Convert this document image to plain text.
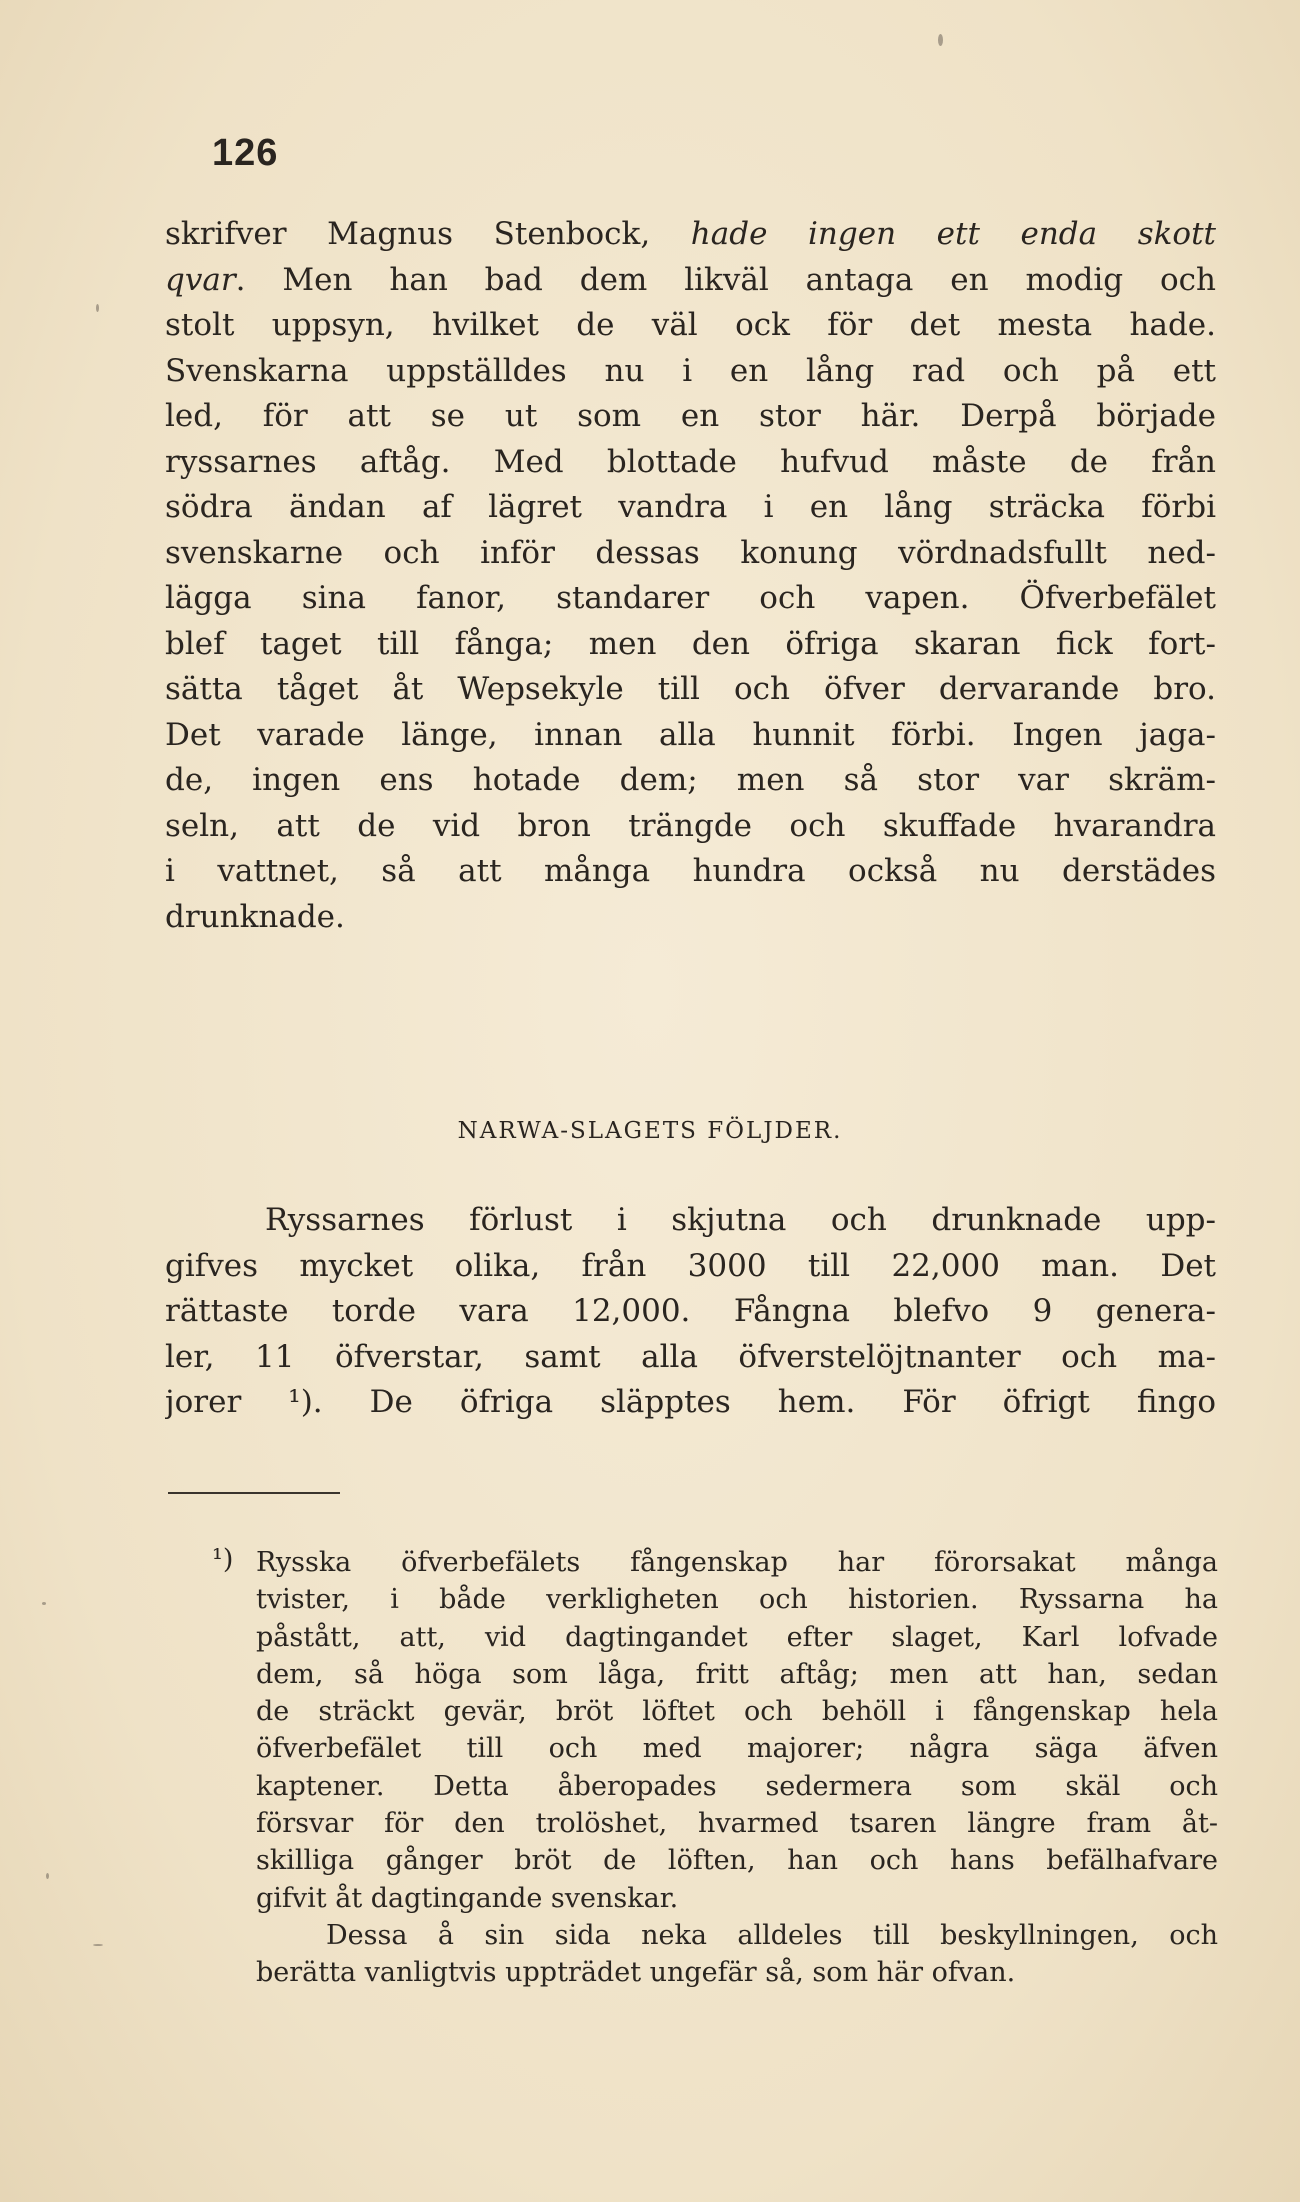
126
skrifver Magnus Stenbock, hade ingen ett enda skott
qvar. Men han bad dem likväl antaga en modig och
stolt uppsyn, hvilket de väl ock för det mesta hade.
Svenskarna uppställdes nu i en lång rad och på ett
led, för att se ut som en stor här. Derpå började
ryssarnes aftåg. Med blottade hufvud måste de från
södra ändan af lägret vandra i en lång sträcka förbi
svenskarne och inför dessas konung vördnadsfullt ned-
lägga sina fanor, standarer och vapen. Öfverbefälet
blef taget till fånga; men den öfriga skaran fick fort-
sätta tåget åt Wepsekyle till och öfver dervarande bro.
Det varade länge, innan alla hunnit förbi. Ingen jaga-
de, ingen ens hotade dem; men så stor var skräm-
seln, att de vid bron trängde och skuffade hvarandra
i vattnet, så att många hundra också nu derstädes
drunknade.
NARWA-SLAGETS FÖLJDER.
Ryssarnes förlust i skjutna och drunknade upp-
gifves mycket olika, från 3000 till 22,000 man. Det
rättaste torde vara 12,000. Fångna blefvo 9 genera-
ler, 11 öfverstar, samt alla öfverstelöjtnanter och ma-
jorer ¹). De öfriga släpptes hem. För öfrigt fingo
¹) Rysska öfverbefälets fångenskap har förorsakat många
tvister, i både verkligheten och historien. Ryssarna ha
påstått, att, vid dagtingandet efter slaget, Karl lofvade
dem, så höga som låga, fritt aftåg; men att han, sedan
de sträckt gevär, bröt löftet och behöll i fångenskap hela
öfverbefälet till och med majorer; några säga äfven
kaptener. Detta åberopades sedermera som skäl och
försvar för den trolöshet, hvarmed tsaren längre fram åt-
skilliga gånger bröt de löften, han och hans befälhafvare
gifvit åt dagtingande svenskar.
Dessa å sin sida neka alldeles till beskyllningen, och
berätta vanligtvis uppträdet ungefär så, som här ofvan.
